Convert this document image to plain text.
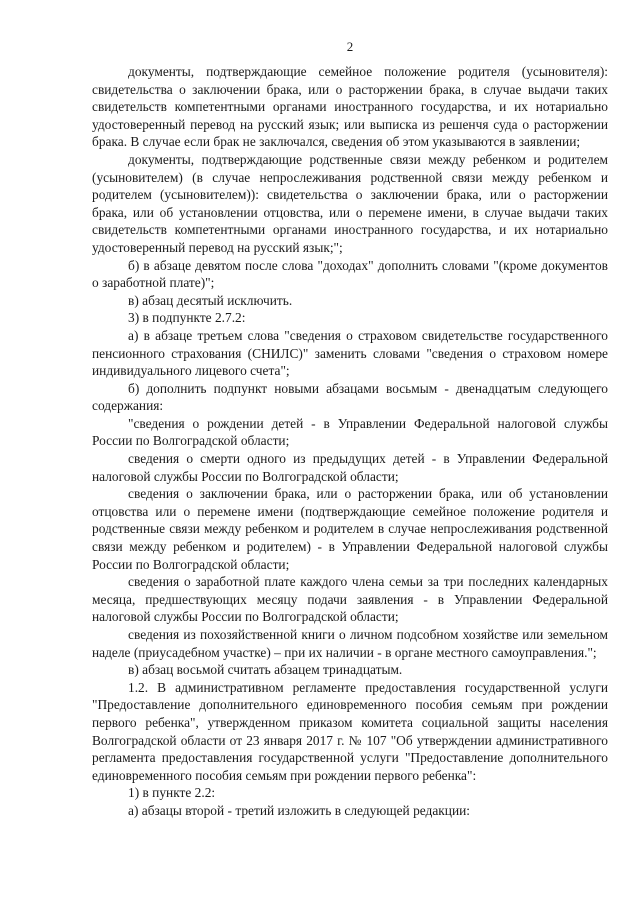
2

документы, подтверждающие семейное положение родителя (усыновителя): свидетельства о заключении брака, или о расторжении брака, в случае выдачи таких свидетельств компетентными органами иностранного государства, и их нотариально удостоверенный перевод на русский язык; или выписка из решенчя суда о расторжении брака. В случае если брак не заключался, сведения об этом указываются в заявлении;

документы, подтверждающие родственные связи между ребенком и родителем (усыновителем) (в случае непрослеживания родственной связи между ребенком и родителем (усыновителем)): свидетельства о заключении брака, или о расторжении брака, или об установлении отцовства, или о перемене имени, в случае выдачи таких свидетельств компетентными органами иностранного государства, и их нотариально удостоверенный перевод на русский язык;";

б) в абзаце девятом после слова "доходах" дополнить словами "(кроме документов о заработной плате)";

в) абзац десятый исключить.

3) в подпункте 2.7.2:

а) в абзаце третьем слова "сведения о страховом свидетельстве государственного пенсионного страхования (СНИЛС)" заменить словами "сведения о страховом номере индивидуального лицевого счета";

б) дополнить подпункт новыми абзацами восьмым - двенадцатым следующего содержания:

"сведения о рождении детей - в Управлении Федеральной налоговой службы России по Волгоградской области;

сведения о смерти одного из предыдущих детей - в Управлении Федеральной налоговой службы России по Волгоградской области;

сведения о заключении брака, или о расторжении брака, или об установлении отцовства или о перемене имени (подтверждающие семейное положение родителя и родственные связи между ребенком и родителем в случае непрослеживания родственной связи между ребенком и родителем) - в Управлении Федеральной налоговой службы России по Волгоградской области;

сведения о заработной плате каждого члена семьи за три последних календарных месяца, предшествующих месяцу подачи заявления - в Управлении Федеральной налоговой службы России по Волгоградской области;

сведения из похозяйственной книги о личном подсобном хозяйстве или земельном наделе (приусадебном участке) – при их наличии - в органе местного самоуправления.";

в) абзац восьмой считать абзацем тринадцатым.

1.2. В административном регламенте предоставления государственной услуги "Предоставление дополнительного единовременного пособия семьям при рождении первого ребенка", утвержденном приказом комитета социальной защиты населения Волгоградской области от 23 января 2017 г. № 107 "Об утверждении административного регламента предоставления государственной услуги "Предоставление дополнительного единовременного пособия семьям при рождении первого ребенка":

1) в пункте 2.2:

а) абзацы второй - третий изложить в следующей редакции:
